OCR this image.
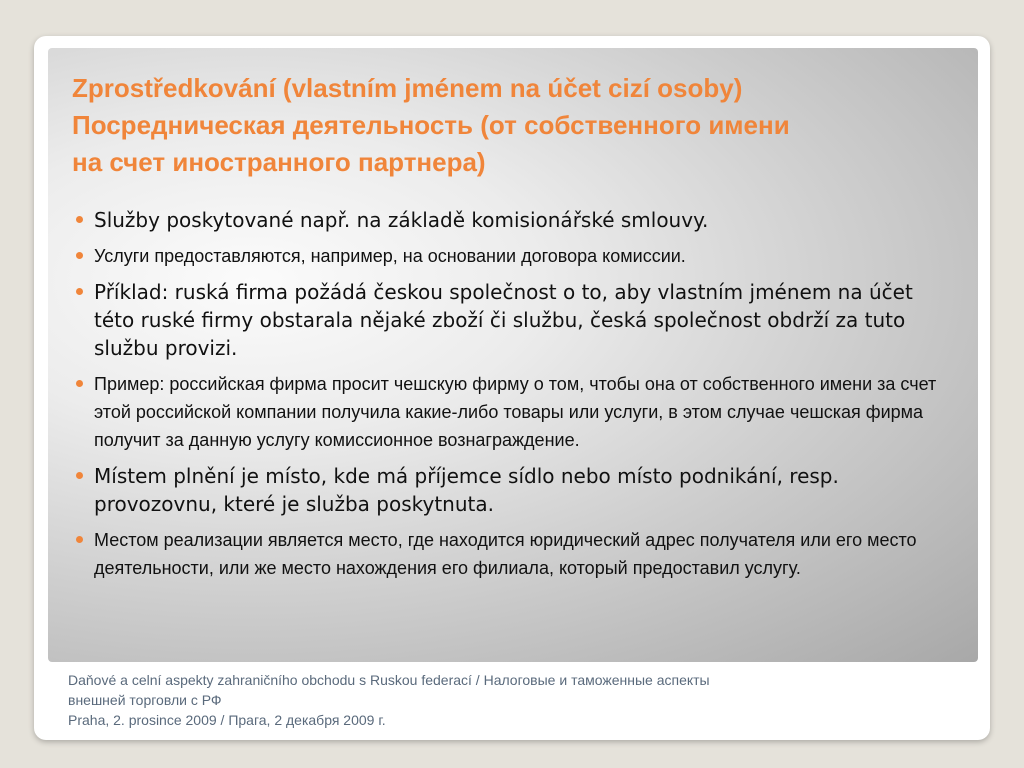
Zprostředkování (vlastním jménem na účet cizí osoby)
Посредническая деятельность (от собственного имени
на счет иностранного партнера)
Služby poskytované např. na základě komisionářské smlouvy.
Услуги предоставляются, например, на основании договора комиссии.
Příklad: ruská firma požádá českou společnost o to, aby vlastním jménem na účet této ruské firmy obstarala nějaké zboží či službu, česká společnost obdrží za tuto službu provizi.
Пример: российская фирма просит чешскую фирму о том, чтобы она от собственного имени за счет этой российской компании получила какие-либо товары или услуги, в этом случае чешская фирма получит за данную услугу комиссионное вознаграждение.
Místem plnění je místo, kde má příjemce sídlo nebo místo podnikání, resp. provozovnu, které je služba poskytnuta.
Местом реализации является место, где находится юридический адрес получателя или его место деятельности, или же место нахождения его филиала, который предоставил услугу.
Daňové a celní aspekty zahraničního obchodu s Ruskou federací / Налоговые и таможенные аспекты
внешней торговли с РФ
Praha, 2. prosince 2009 / Прага, 2 декабря 2009 г.
